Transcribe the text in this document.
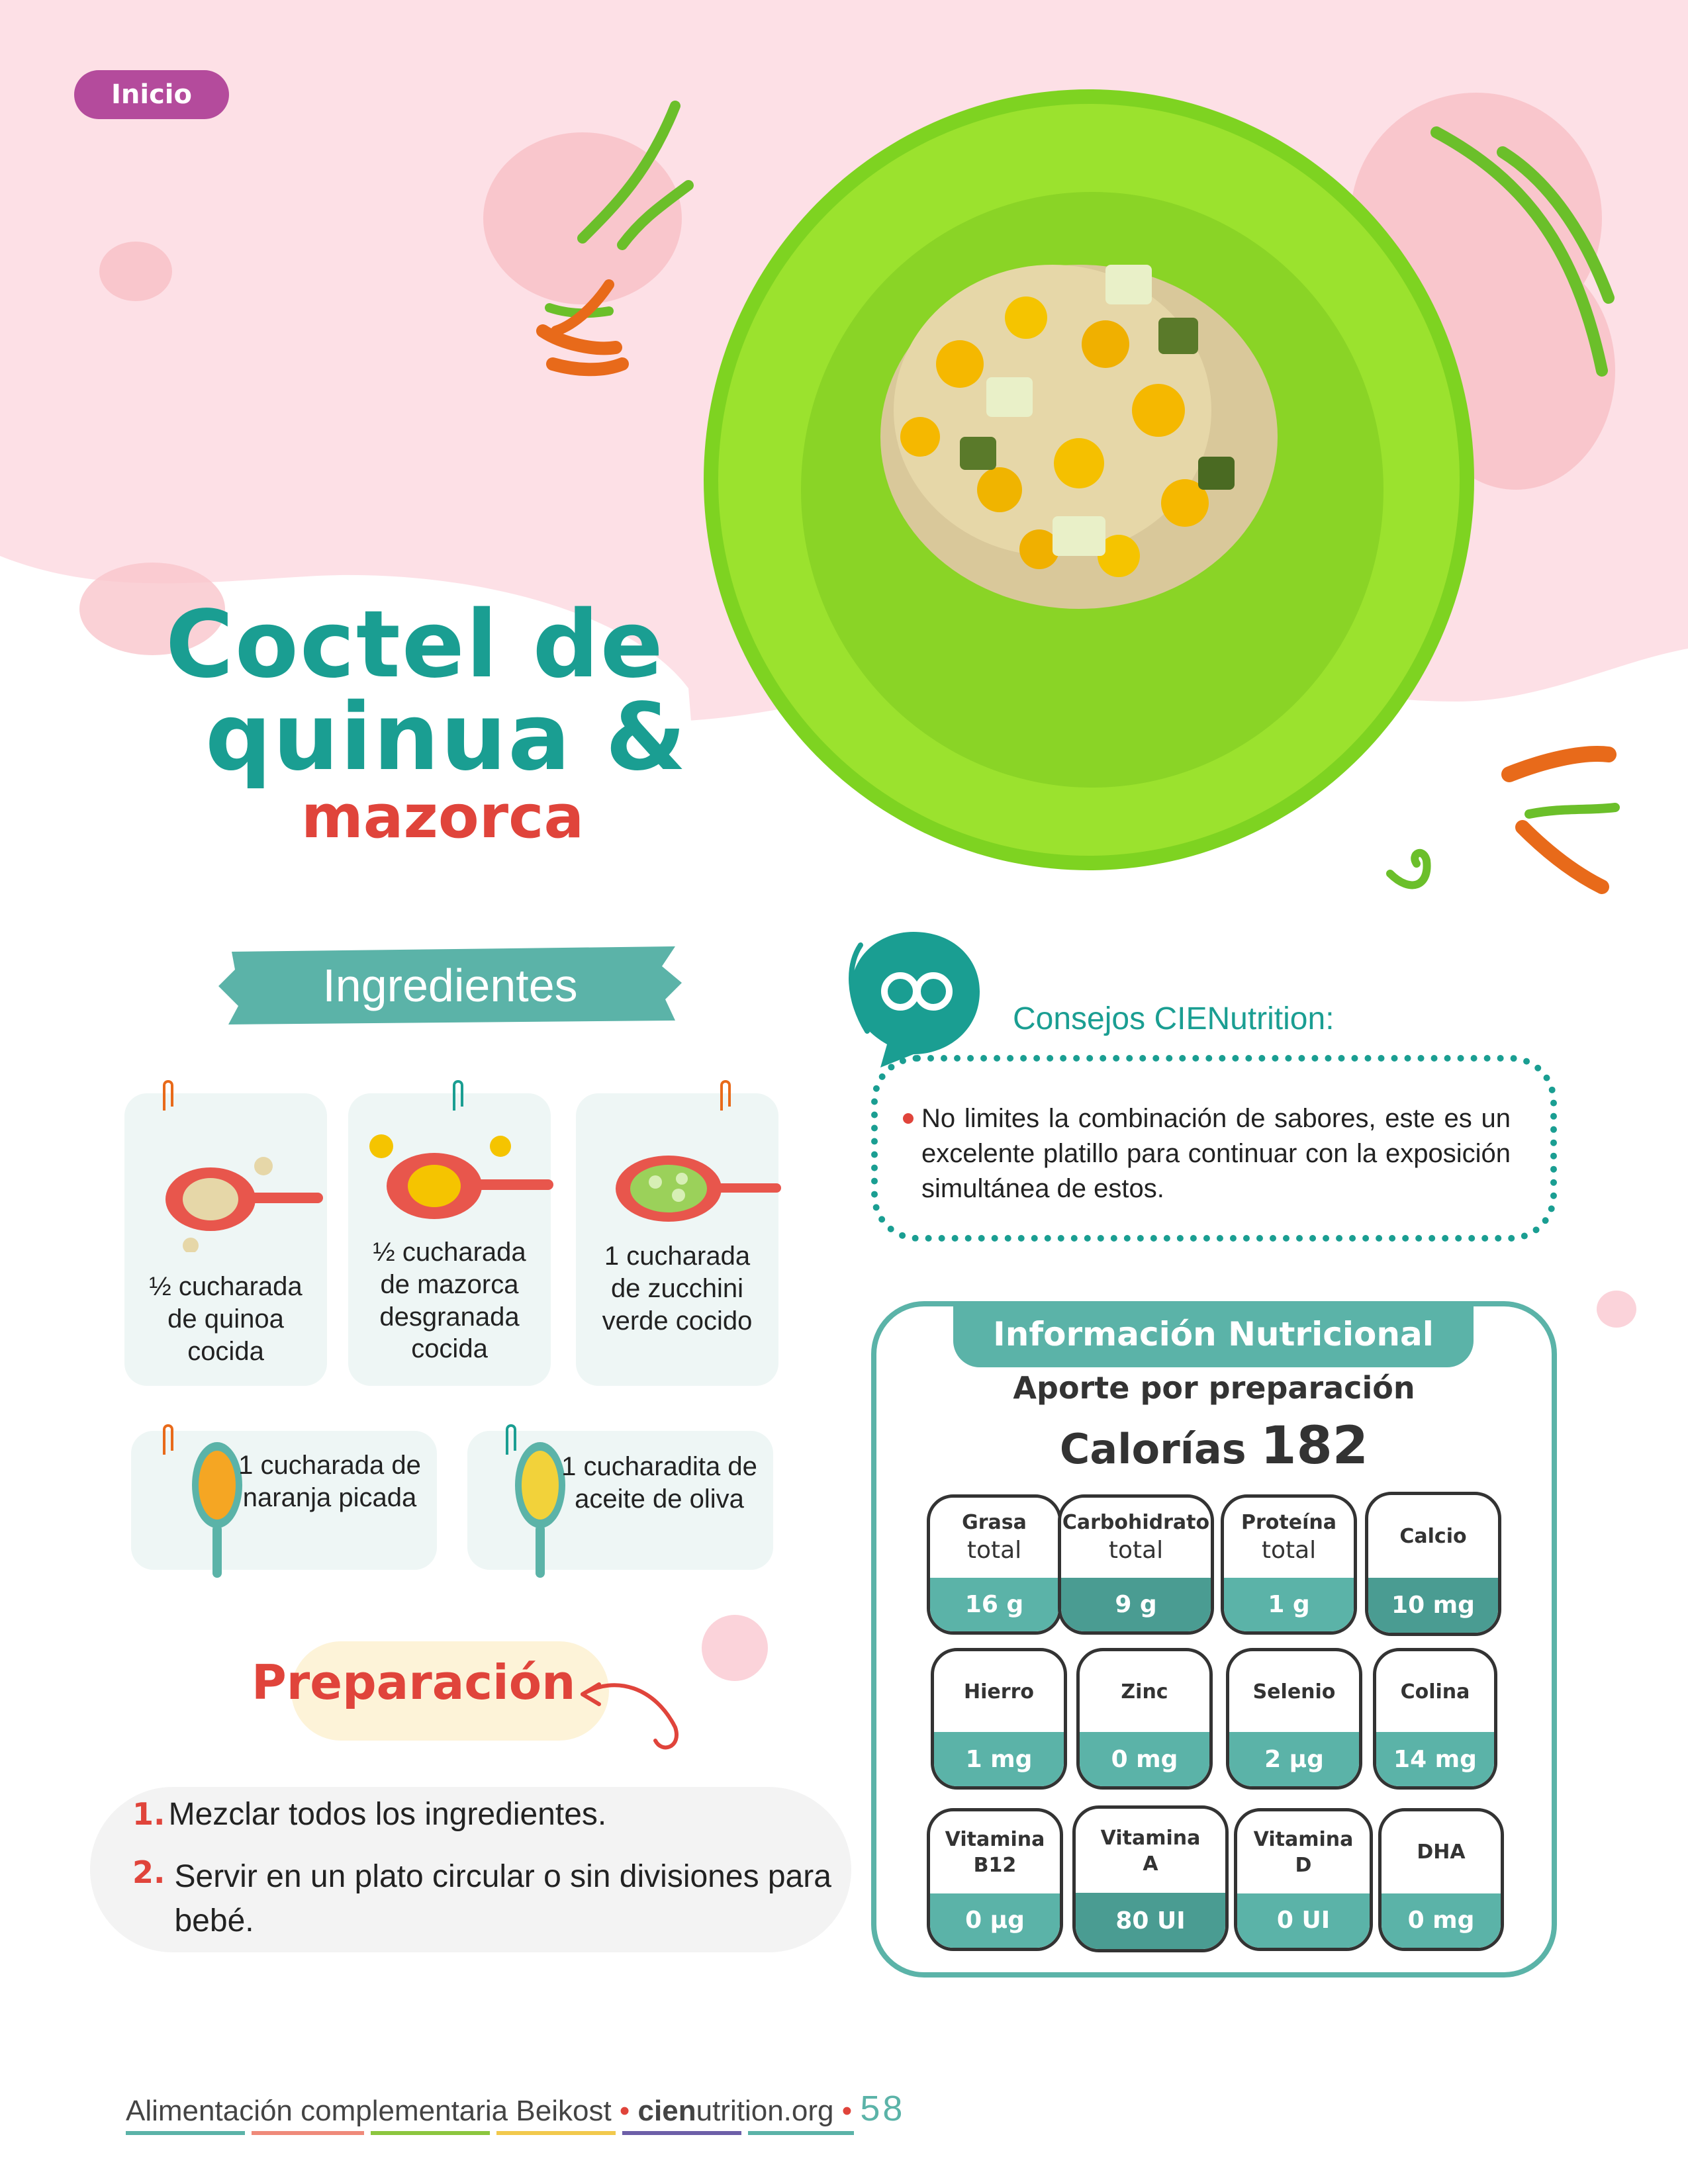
Inicio
Coctel de
quinua &
mazorca
Ingredientes
½ cucharada de quinoa cocida
½ cucharada de mazorca desgranada cocida
1 cucharada de zucchini verde cocido
1 cucharada de naranja picada
1 cucharadita de aceite de oliva
Consejos CIENutrition:
No limites la combinación de sabores, este es un excelente platillo para continuar con la exposición simultánea de estos.
Información Nutricional
Aporte por preparación
Calorías 182
Grasa
total
16 g
Carbohidrato
total
9 g
Proteína
total
1 g
Calcio
10 mg
Hierro
1 mg
Zinc
0 mg
Selenio
2 µg
Colina
14 mg
Vitamina
B12
0 µg
Vitamina
A
80 UI
Vitamina
D
0 UI
DHA
0 mg
Preparación
1. Mezclar todos los ingredientes.
2. Servir en un plato circular o sin divisiones para bebé.
Alimentación complementaria Beikost • cienutrition.org • 58
